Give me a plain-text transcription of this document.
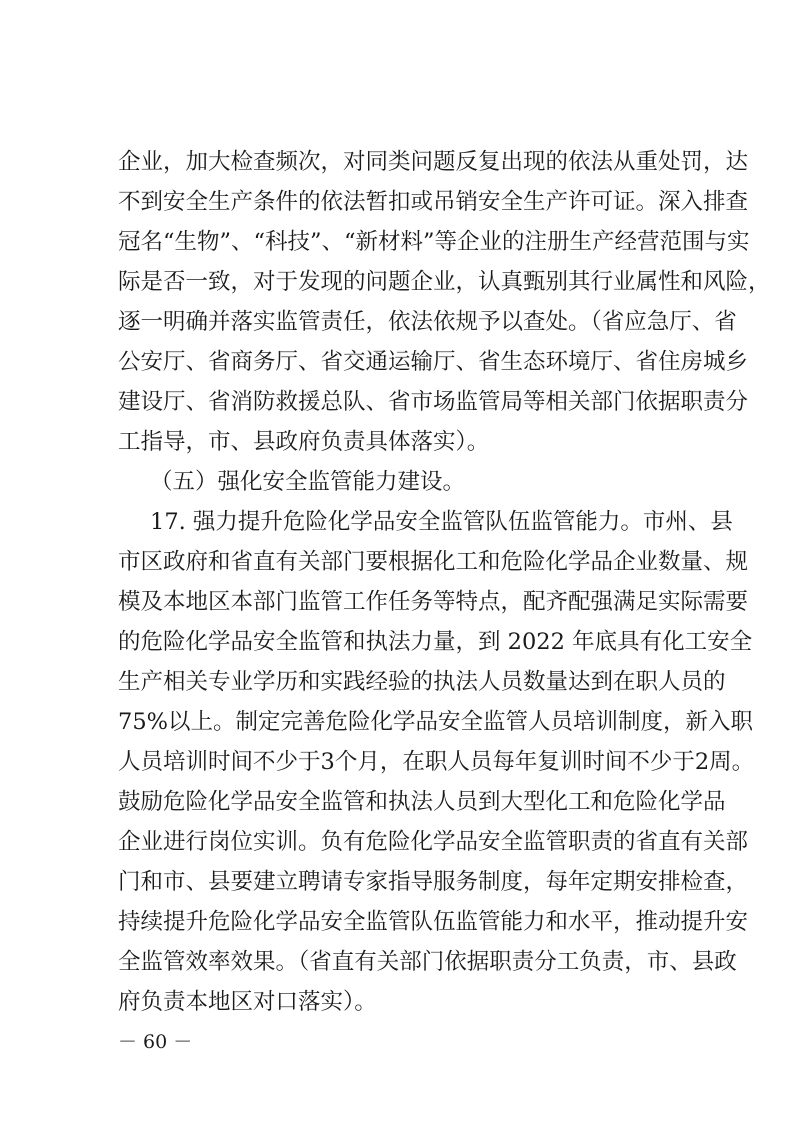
企业，加大检查频次，对同类问题反复出现的依法从重处罚，达
不到安全生产条件的依法暂扣或吊销安全生产许可证。深入排查
冠名“生物”、“科技”、“新材料”等企业的注册生产经营范围与实
际是否一致，对于发现的问题企业，认真甄别其行业属性和风险，
逐一明确并落实监管责任，依法依规予以查处。（省应急厅、省
公安厅、省商务厅、省交通运输厅、省生态环境厅、省住房城乡
建设厅、省消防救援总队、省市场监管局等相关部门依据职责分
工指导，市、县政府负责具体落实）。
（五）强化安全监管能力建设。
17. 强力提升危险化学品安全监管队伍监管能力。市州、县
市区政府和省直有关部门要根据化工和危险化学品企业数量、规
模及本地区本部门监管工作任务等特点，配齐配强满足实际需要
的危险化学品安全监管和执法力量，到 2022 年底具有化工安全
生产相关专业学历和实践经验的执法人员数量达到在职人员的
75%以上。制定完善危险化学品安全监管人员培训制度，新入职
人员培训时间不少于3个月，在职人员每年复训时间不少于2周。
鼓励危险化学品安全监管和执法人员到大型化工和危险化学品
企业进行岗位实训。负有危险化学品安全监管职责的省直有关部
门和市、县要建立聘请专家指导服务制度，每年定期安排检查，
持续提升危险化学品安全监管队伍监管能力和水平，推动提升安
全监管效率效果。（省直有关部门依据职责分工负责，市、县政
府负责本地区对口落实）。
－ 60 －
